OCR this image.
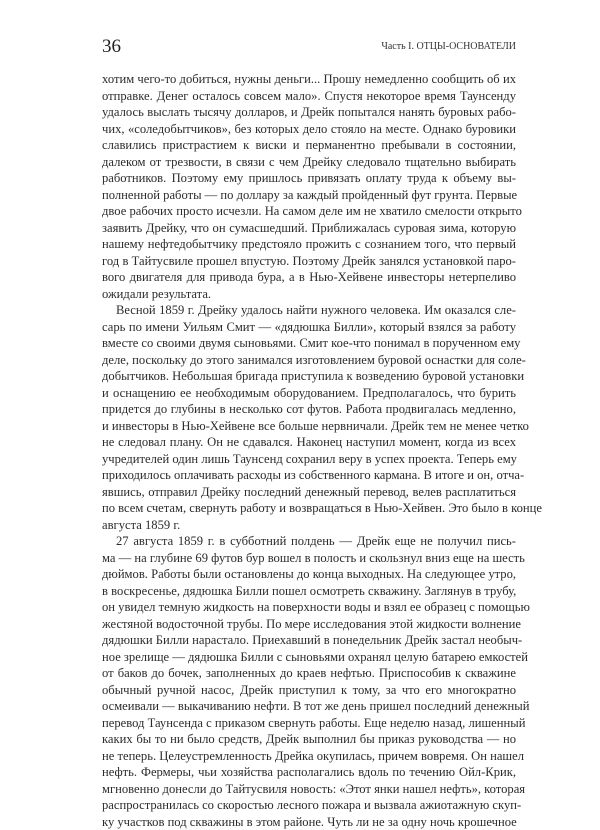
36	Часть I. ОТЦЫ-ОСНОВАТЕЛИ
хотим чего-то добиться, нужны деньги... Прошу немедленно сообщить об их
отправке. Денег осталось совсем мало». Спустя некоторое время Таунсенду
удалось выслать тысячу долларов, и Дрейк попытался нанять буровых рабо-
чих, «соледобытчиков», без которых дело стояло на месте. Однако буровики
славились пристрастием к виски и перманентно пребывали в состоянии,
далеком от трезвости, в связи с чем Дрейку следовало тщательно выбирать
работников. Поэтому ему пришлось привязать оплату труда к объему вы-
полненной работы — по доллару за каждый пройденный фут грунта. Первые
двое рабочих просто исчезли. На самом деле им не хватило смелости открыто
заявить Дрейку, что он сумасшедший. Приближалась суровая зима, которую
нашему нефтедобытчику предстояло прожить с сознанием того, что первый
год в Тайтусвиле прошел впустую. Поэтому Дрейк занялся установкой паро-
вого двигателя для привода бура, а в Нью-Хейвене инвесторы нетерпеливо
ожидали результата.
Весной 1859 г. Дрейку удалось найти нужного человека. Им оказался сле-
сарь по имени Уильям Смит — «дядюшка Билли», который взялся за работу
вместе со своими двумя сыновьями. Смит кое-что понимал в порученном ему
деле, поскольку до этого занимался изготовлением буровой оснастки для соле-
добытчиков. Небольшая бригада приступила к возведению буровой установки
и оснащению ее необходимым оборудованием. Предполагалось, что бурить
придется до глубины в несколько сот футов. Работа продвигалась медленно,
и инвесторы в Нью-Хейвене все больше нервничали. Дрейк тем не менее четко
не следовал плану. Он не сдавался. Наконец наступил момент, когда из всех
учредителей один лишь Таунсенд сохранил веру в успех проекта. Теперь ему
приходилось оплачивать расходы из собственного кармана. В итоге и он, отча-
явшись, отправил Дрейку последний денежный перевод, велев расплатиться
по всем счетам, свернуть работу и возвращаться в Нью-Хейвен. Это было в конце
августа 1859 г.
27 августа 1859 г. в субботний полдень — Дрейк еще не получил пись-
ма — на глубине 69 футов бур вошел в полость и скользнул вниз еще на шесть
дюймов. Работы были остановлены до конца выходных. На следующее утро,
в воскресенье, дядюшка Билли пошел осмотреть скважину. Заглянув в трубу,
он увидел темную жидкость на поверхности воды и взял ее образец с помощью
жестяной водосточной трубы. По мере исследования этой жидкости волнение
дядюшки Билли нарастало. Приехавший в понедельник Дрейк застал необыч-
ное зрелище — дядюшка Билли с сыновьями охранял целую батарею емкостей
от баков до бочек, заполненных до краев нефтью. Приспособив к скважине
обычный ручной насос, Дрейк приступил к тому, за что его многократно
осмеивали — выкачиванию нефти. В тот же день пришел последний денежный
перевод Таунсенда с приказом свернуть работы. Еще неделю назад, лишенный
каких бы то ни было средств, Дрейк выполнил бы приказ руководства — но
не теперь. Целеустремленность Дрейка окупилась, причем вовремя. Он нашел
нефть. Фермеры, чьи хозяйства располагались вдоль по течению Ойл-Крик,
мгновенно донесли до Тайтусвиля новость: «Этот янки нашел нефть», которая
распространилась со скоростью лесного пожара и вызвала ажиотажную скуп-
ку участков под скважины в этом районе. Чуть ли не за одну ночь крошечное
